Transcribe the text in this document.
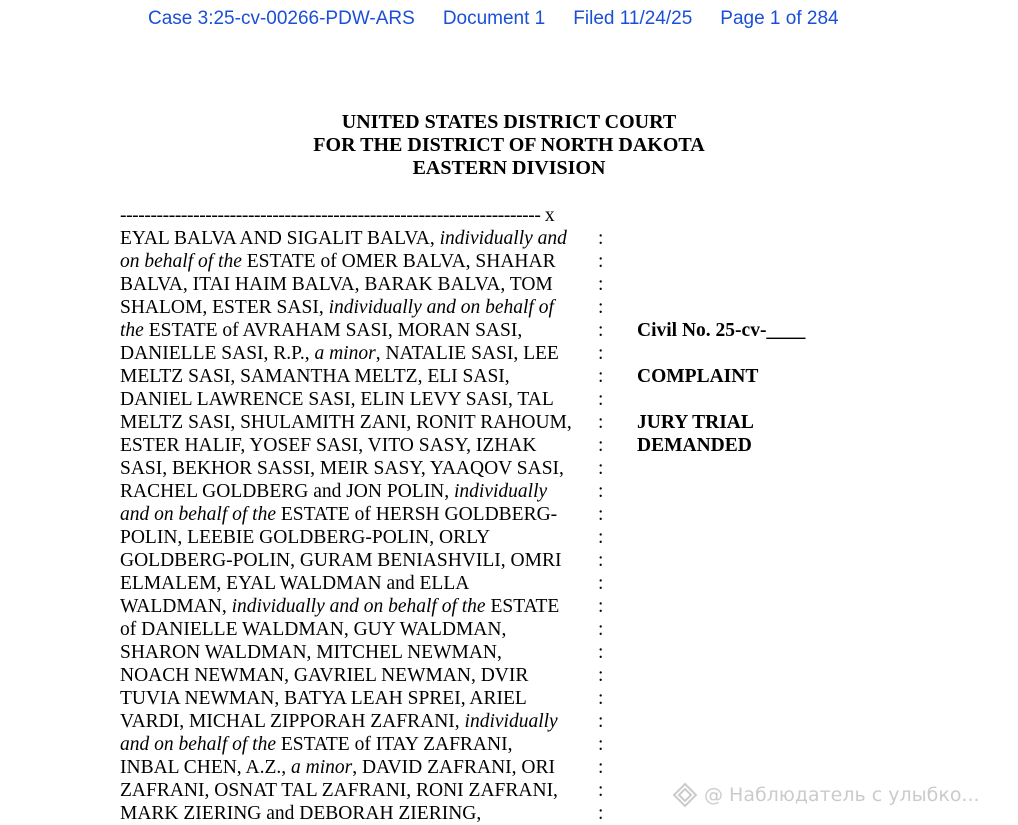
Case 3:25-cv-00266-PDW-ARS Document 1 Filed 11/24/25 Page 1 of 284
UNITED STATES DISTRICT COURT
FOR THE DISTRICT OF NORTH DAKOTA
EASTERN DIVISION
--------------------------------------------------------------------- x
EYAL BALVA AND SIGALIT BALVA, individually and
on behalf of the ESTATE of OMER BALVA, SHAHAR
BALVA, ITAI HAIM BALVA, BARAK BALVA, TOM
SHALOM, ESTER SASI, individually and on behalf of
the ESTATE of AVRAHAM SASI, MORAN SASI,
DANIELLE SASI, R.P., a minor, NATALIE SASI, LEE
MELTZ SASI, SAMANTHA MELTZ, ELI SASI,
DANIEL LAWRENCE SASI, ELIN LEVY SASI, TAL
MELTZ SASI, SHULAMITH ZANI, RONIT RAHOUM,
ESTER HALIF, YOSEF SASI, VITO SASY, IZHAK
SASI, BEKHOR SASSI, MEIR SASY, YAAQOV SASI,
RACHEL GOLDBERG and JON POLIN, individually
and on behalf of the ESTATE of HERSH GOLDBERG-
POLIN, LEEBIE GOLDBERG-POLIN, ORLY
GOLDBERG-POLIN, GURAM BENIASHVILI, OMRI
ELMALEM, EYAL WALDMAN and ELLA
WALDMAN, individually and on behalf of the ESTATE
of DANIELLE WALDMAN, GUY WALDMAN,
SHARON WALDMAN, MITCHEL NEWMAN,
NOACH NEWMAN, GAVRIEL NEWMAN, DVIR
TUVIA NEWMAN, BATYA LEAH SPREI, ARIEL
VARDI, MICHAL ZIPPORAH ZAFRANI, individually
and on behalf of the ESTATE of ITAY ZAFRANI,
INBAL CHEN, A.Z., a minor, DAVID ZAFRANI, ORI
ZAFRANI, OSNAT TAL ZAFRANI, RONI ZAFRANI,
MARK ZIERING and DEBORAH ZIERING,
:
:
:
:
:
:
:
:
:
:
:
:
:
:
:
:
:
:
:
:
:
:
:
:
:
:
Civil No. 25-cv-____
COMPLAINT
JURY TRIAL
DEMANDED
@ Наблюдатель с улыбко...
